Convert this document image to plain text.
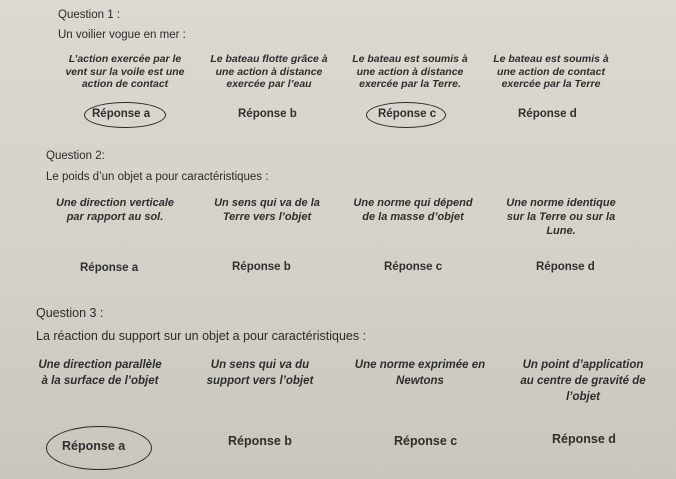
Question 1 :
Un voilier vogue en mer :
L’action exercée par le
vent sur la voile est une
action de contact
Le bateau flotte grâce à
une action à distance
exercée par l’eau
Le bateau est soumis à
une action à distance
exercée par la Terre.
Le bateau est soumis à
une action de contact
exercée par la Terre
Réponse a	Réponse b	Réponse c	Réponse d
Question 2:
Le poids d’un objet a pour caractéristiques :
Une direction verticale
par rapport au sol.
Un sens qui va de la
Terre vers l’objet
Une norme qui dépend
de la masse d’objet
Une norme identique
sur la Terre ou sur la
Lune.
Réponse a	Réponse b	Réponse c	Réponse d
Question 3 :
La réaction du support sur un objet a pour caractéristiques :
Une direction parallèle
à la surface de l’objet
Un sens qui va du
support vers l’objet
Une norme exprimée en
Newtons
Un point d’application
au centre de gravité de
l’objet
Réponse a	Réponse b	Réponse c	Réponse d
